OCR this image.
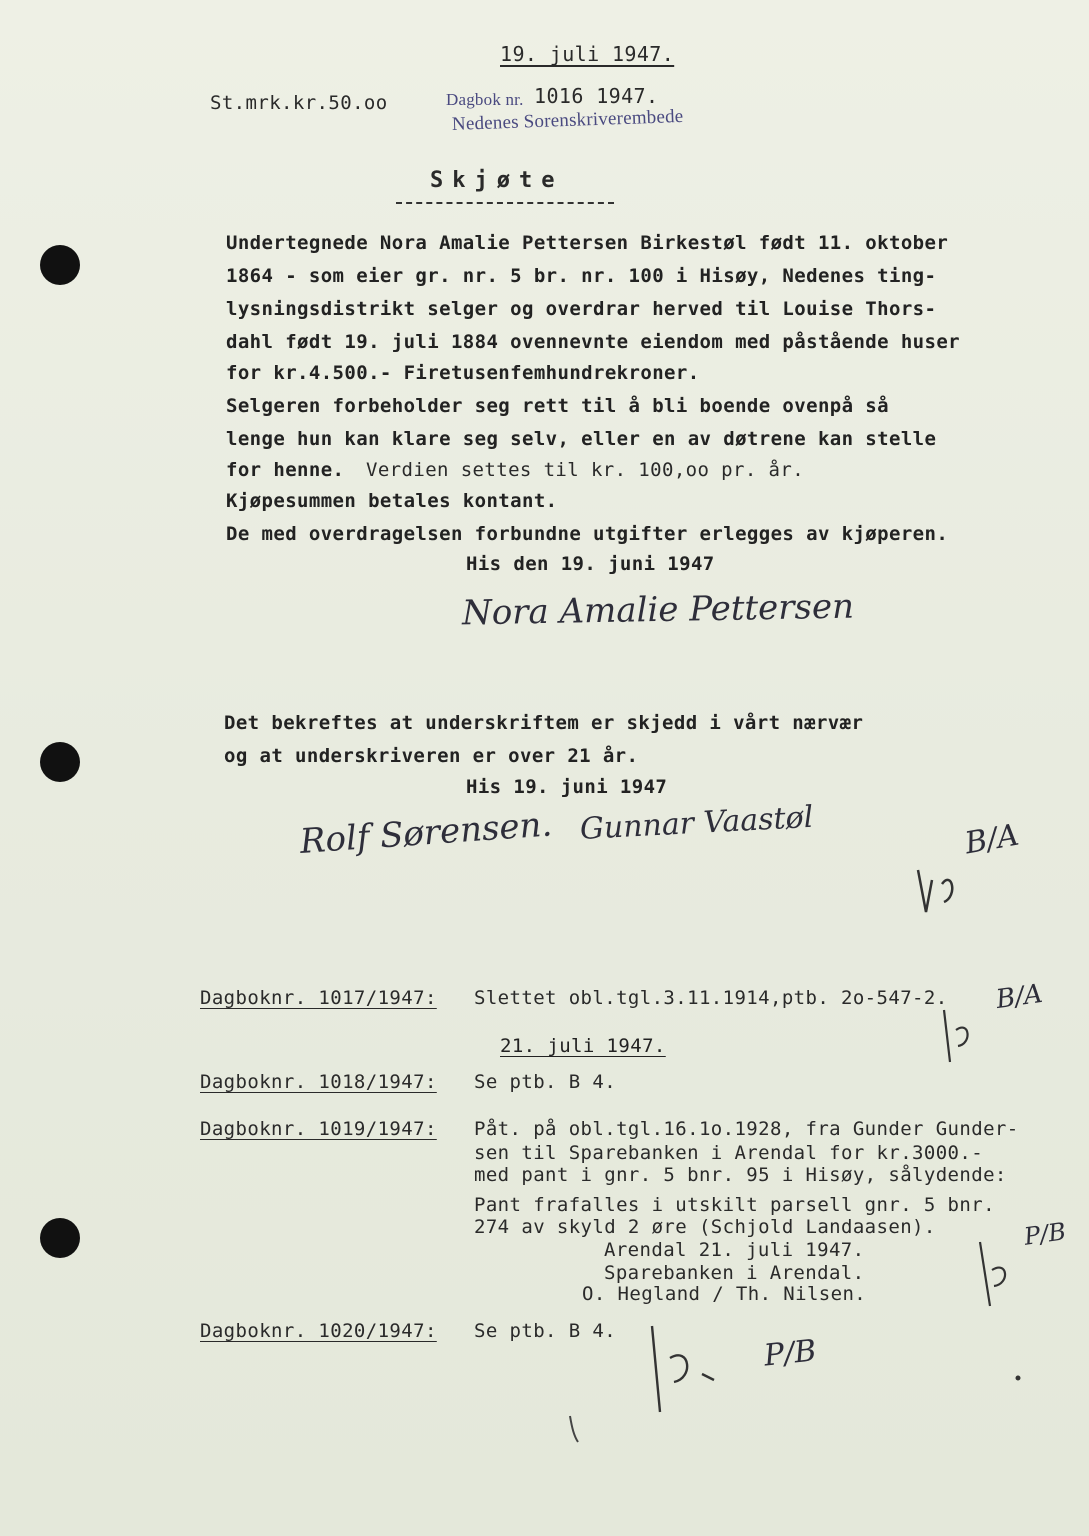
19. juli 1947.
St.mrk.kr.50.oo	Dagbok nr. 1016 1947.
Nedenes Sorenskriverembede
Skjøte
Undertegnede Nora Amalie Pettersen Birkestøl født 11. oktober
1864 - som eier gr. nr. 5 br. nr. 100 i Hisøy, Nedenes ting-
lysningsdistrikt selger og overdrar herved til Louise Thors-
dahl født 19. juli 1884 ovennevnte eiendom med påstående huser
for kr.4.500.- Firetusenfemhundrekroner.
Selgeren forbeholder seg rett til å bli boende ovenpå så
lenge hun kan klare seg selv, eller en av døtrene kan stelle
for henne. Verdien settes til kr. 100,oo pr. år.
Kjøpesummen betales kontant.
De med overdragelsen forbundne utgifter erlegges av kjøperen.
His den 19. juni 1947
Nora Amalie Pettersen
Det bekreftes at underskriftem er skjedd i vårt nærvær
og at underskriveren er over 21 år.
His 19. juni 1947
Rolf Sørensen. Gunnar Vaastøl	B/A
Dagboknr. 1017/1947: Slettet obl.tgl.3.11.1914,ptb. 2o-547-2. B/A
21. juli 1947.
Dagboknr. 1018/1947: Se ptb. B 4.
Dagboknr. 1019/1947: Påt. på obl.tgl.16.1o.1928, fra Gunder Gunder-
sen til Sparebanken i Arendal for kr.3000.-
med pant i gnr. 5 bnr. 95 i Hisøy, sålydende:
Pant frafalles i utskilt parsell gnr. 5 bnr.
274 av skyld 2 øre (Schjold Landaasen).
Arendal 21. juli 1947.
Sparebanken i Arendal.
O. Hegland / Th. Nilsen.
P/B
Dagboknr. 1020/1947: Se ptb. B 4.
P/B
